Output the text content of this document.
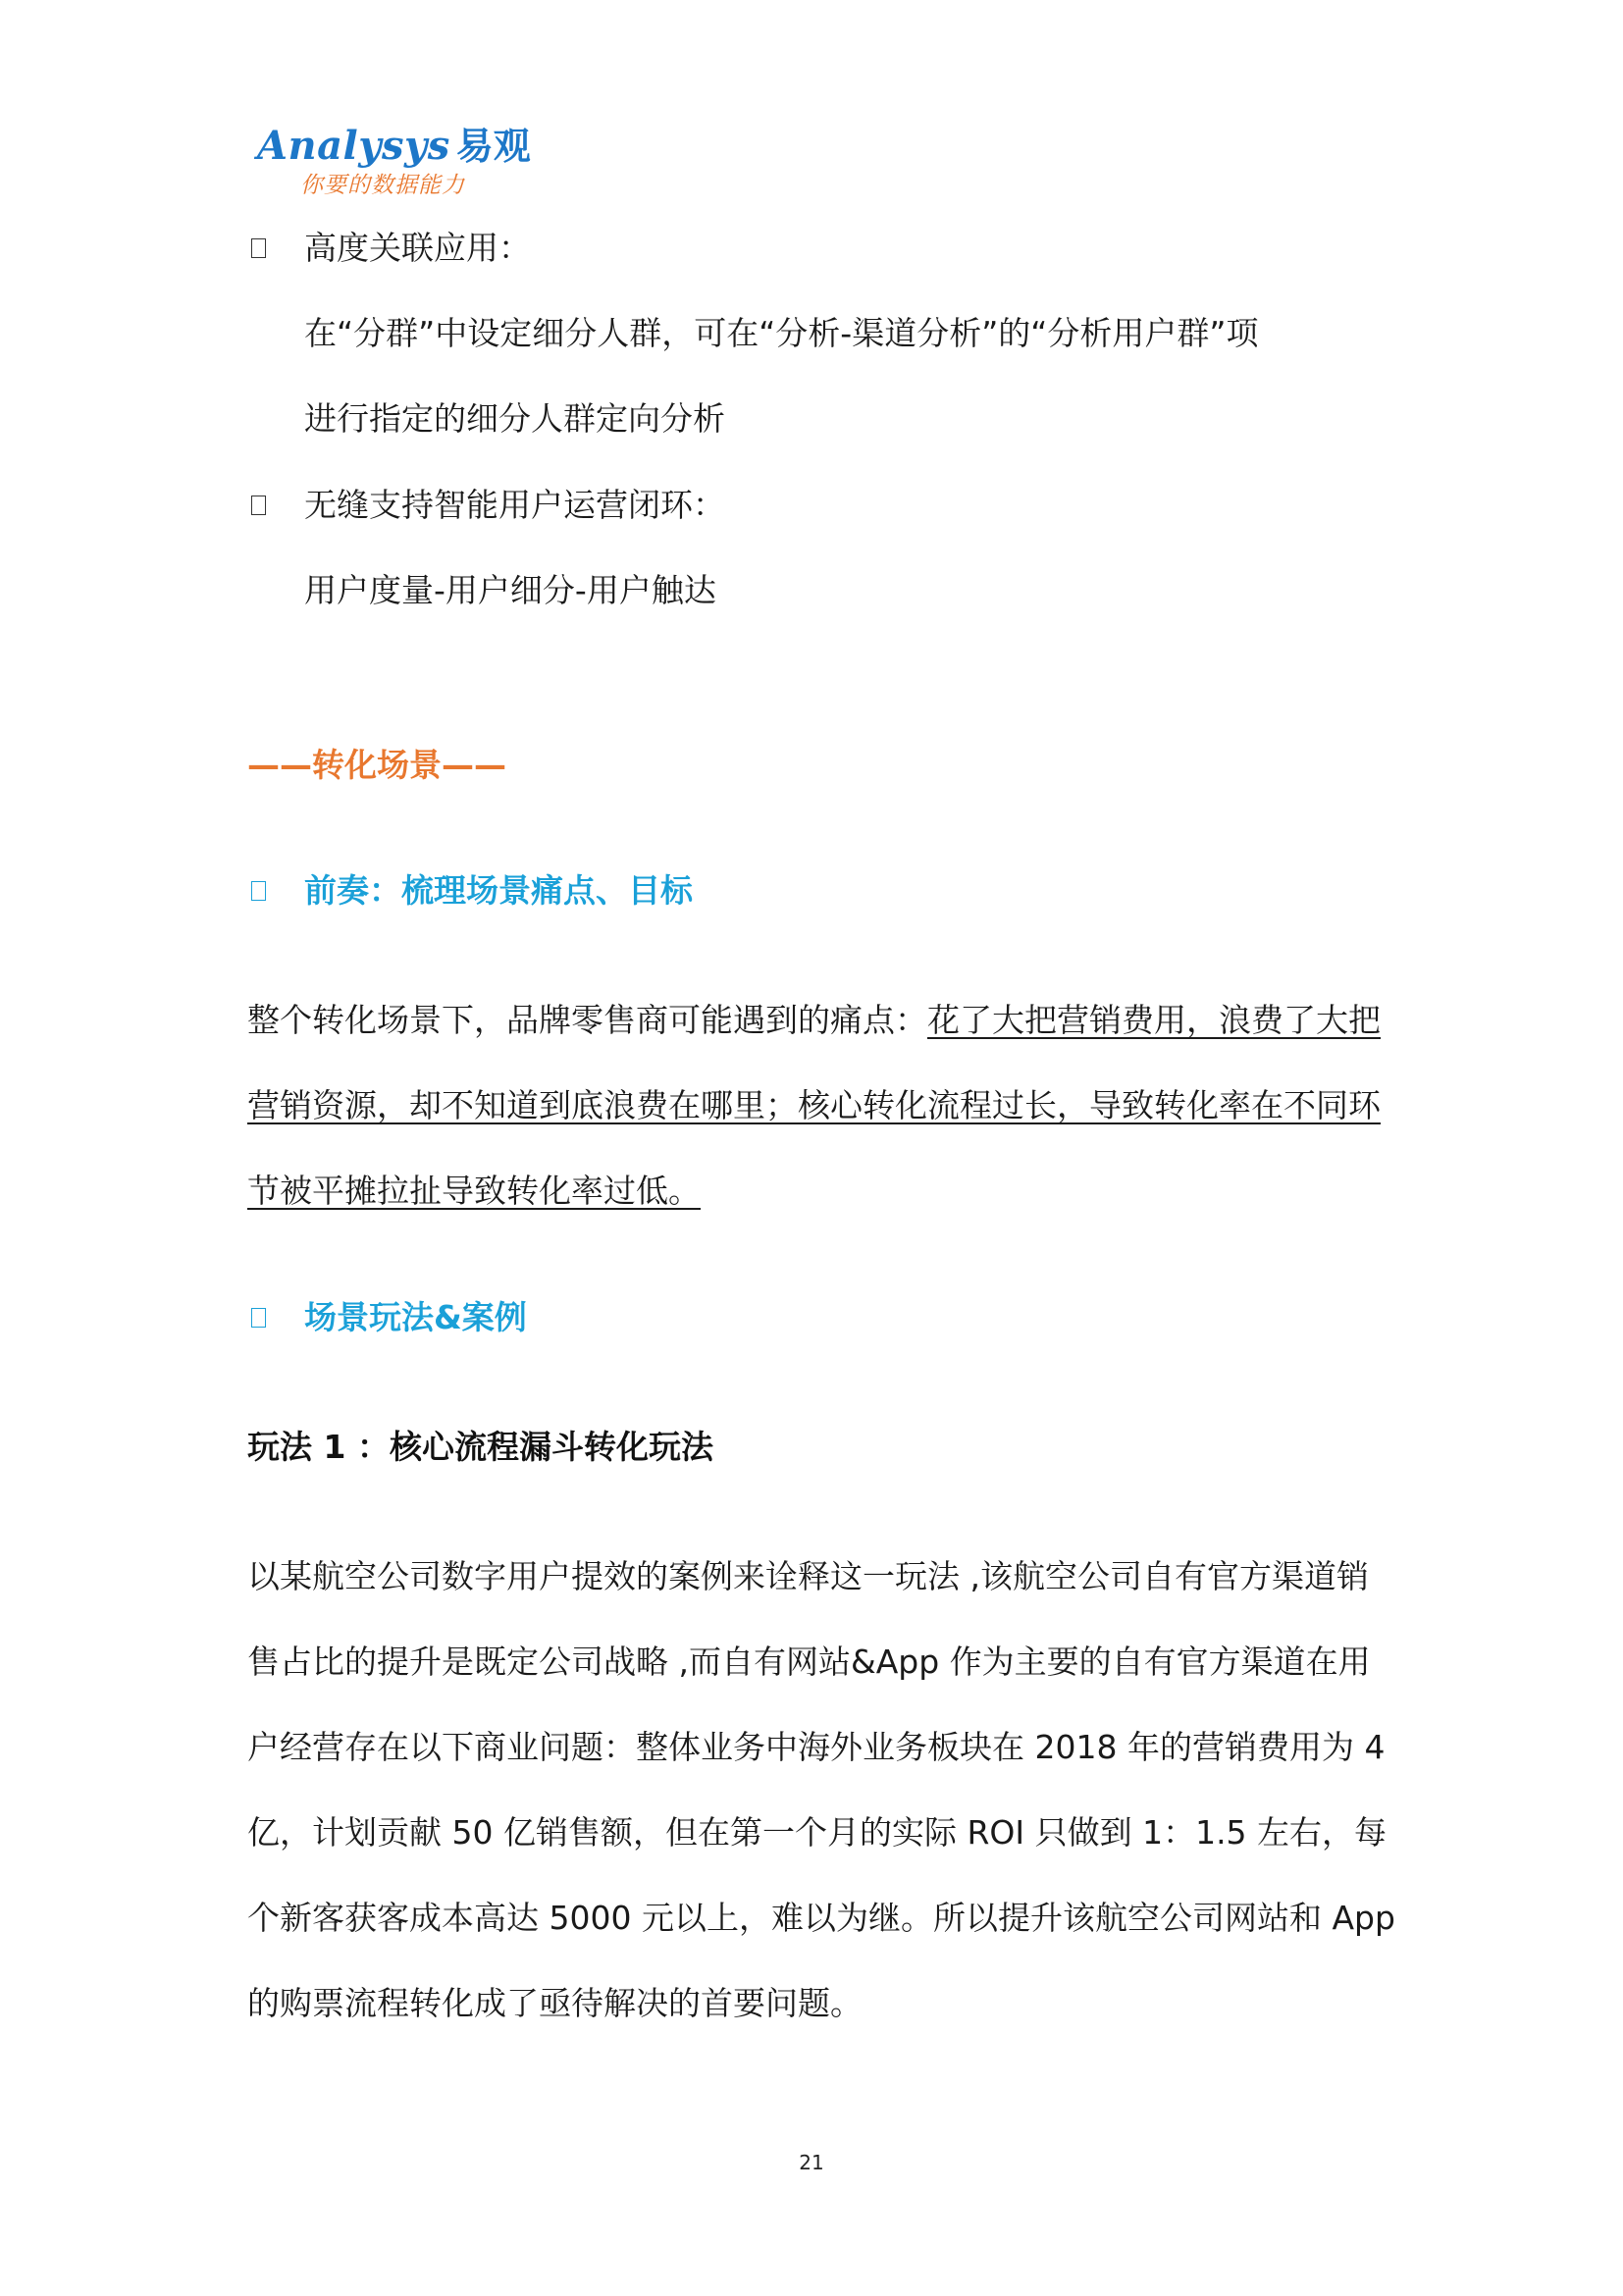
Analysys 易观
你要的数据能力
高度关联应用：
在“分群”中设定细分人群，可在“分析-渠道分析”的“分析用户群”项
进行指定的细分人群定向分析
无缝支持智能用户运营闭环：
用户度量-用户细分-用户触达
——转化场景——
前奏：梳理场景痛点、目标
整个转化场景下，品牌零售商可能遇到的痛点：花了大把营销费用，浪费了大把
营销资源，却不知道到底浪费在哪里；核心转化流程过长，导致转化率在不同环
节被平摊拉扯导致转化率过低。
场景玩法&案例
玩法 1 ：核心流程漏斗转化玩法
以某航空公司数字用户提效的案例来诠释这一玩法 ,该航空公司自有官方渠道销
售占比的提升是既定公司战略 ,而自有网站&App 作为主要的自有官方渠道在用
户经营存在以下商业问题：整体业务中海外业务板块在 2018 年的营销费用为 4
亿，计划贡献 50 亿销售额，但在第一个月的实际 ROI 只做到 1：1.5 左右，每
个新客获客成本高达 5000 元以上，难以为继。所以提升该航空公司网站和 App
的购票流程转化成了亟待解决的首要问题。
21
